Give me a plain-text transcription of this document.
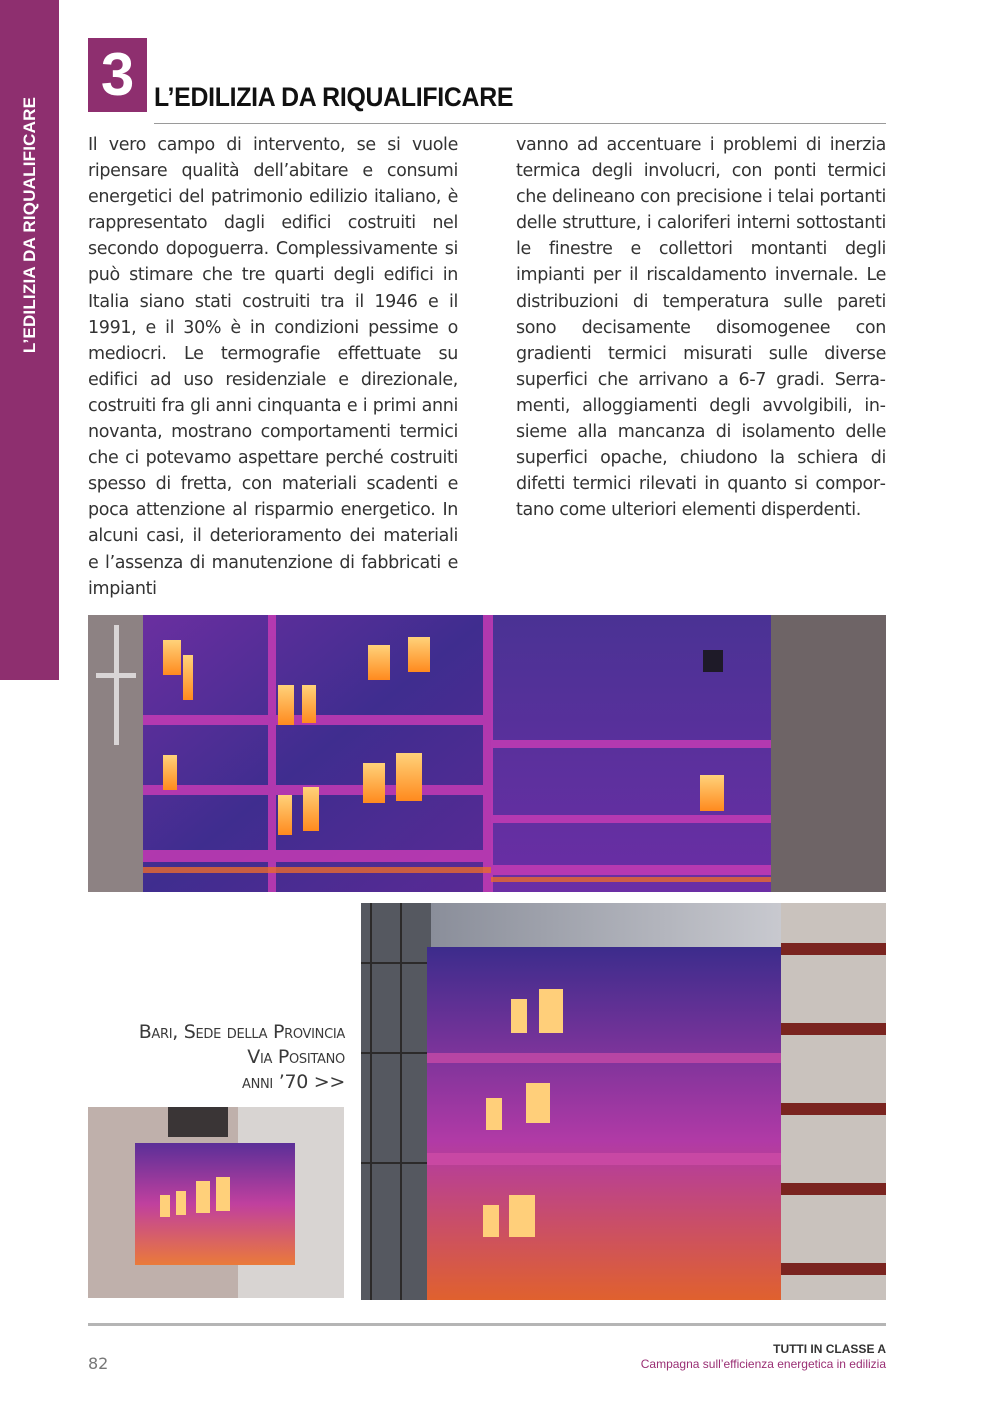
L’EDILIZIA DA RIQUALIFICARE
3 L’EDILIZIA DA RIQUALIFICARE
Il vero campo di intervento, se si vuole ripensare qualità dell’abitare e consumi energetici del patrimonio edilizio italiano, è rappresentato dagli edifici costruiti nel secondo dopoguerra. Complessivamente si può stimare che tre quarti degli edifici in Italia siano stati costruiti tra il 1946 e il 1991, e il 30% è in condizioni pessime o mediocri. Le termografie effettuate su edifici ad uso residenziale e direzionale, costruiti fra gli anni cinquanta e i primi anni novanta, mostrano comportamenti termici che ci potevamo aspettare perché costruiti spesso di fretta, con materiali scadenti e poca attenzione al risparmio energetico. In alcuni casi, il deterioramento dei materiali e l’assenza di manutenzione di fabbricati e impianti
vanno ad accentuare i problemi di inerzia termica degli involucri, con ponti termici che delineano con precisione i telai portanti delle strutture, i caloriferi interni sottostanti le finestre e collettori montanti degli impianti per il riscaldamento invernale. Le distribuzioni di temperatura sulle pareti sono decisamente disomogenee con gradienti termici misurati sulle diverse superfici che arrivano a 6-7 gradi. Serramenti, alloggiamenti degli avvolgibili, insieme alla mancanza di isolamento delle superfici opache, chiudono la schiera di difetti termici rilevati in quanto si comportano come ulteriori elementi disperdenti.
Bari, Sede della Provincia
Via Positano
anni ’70 >>
82
TUTTI IN CLASSE A
Campagna sull’efficienza energetica in edilizia
